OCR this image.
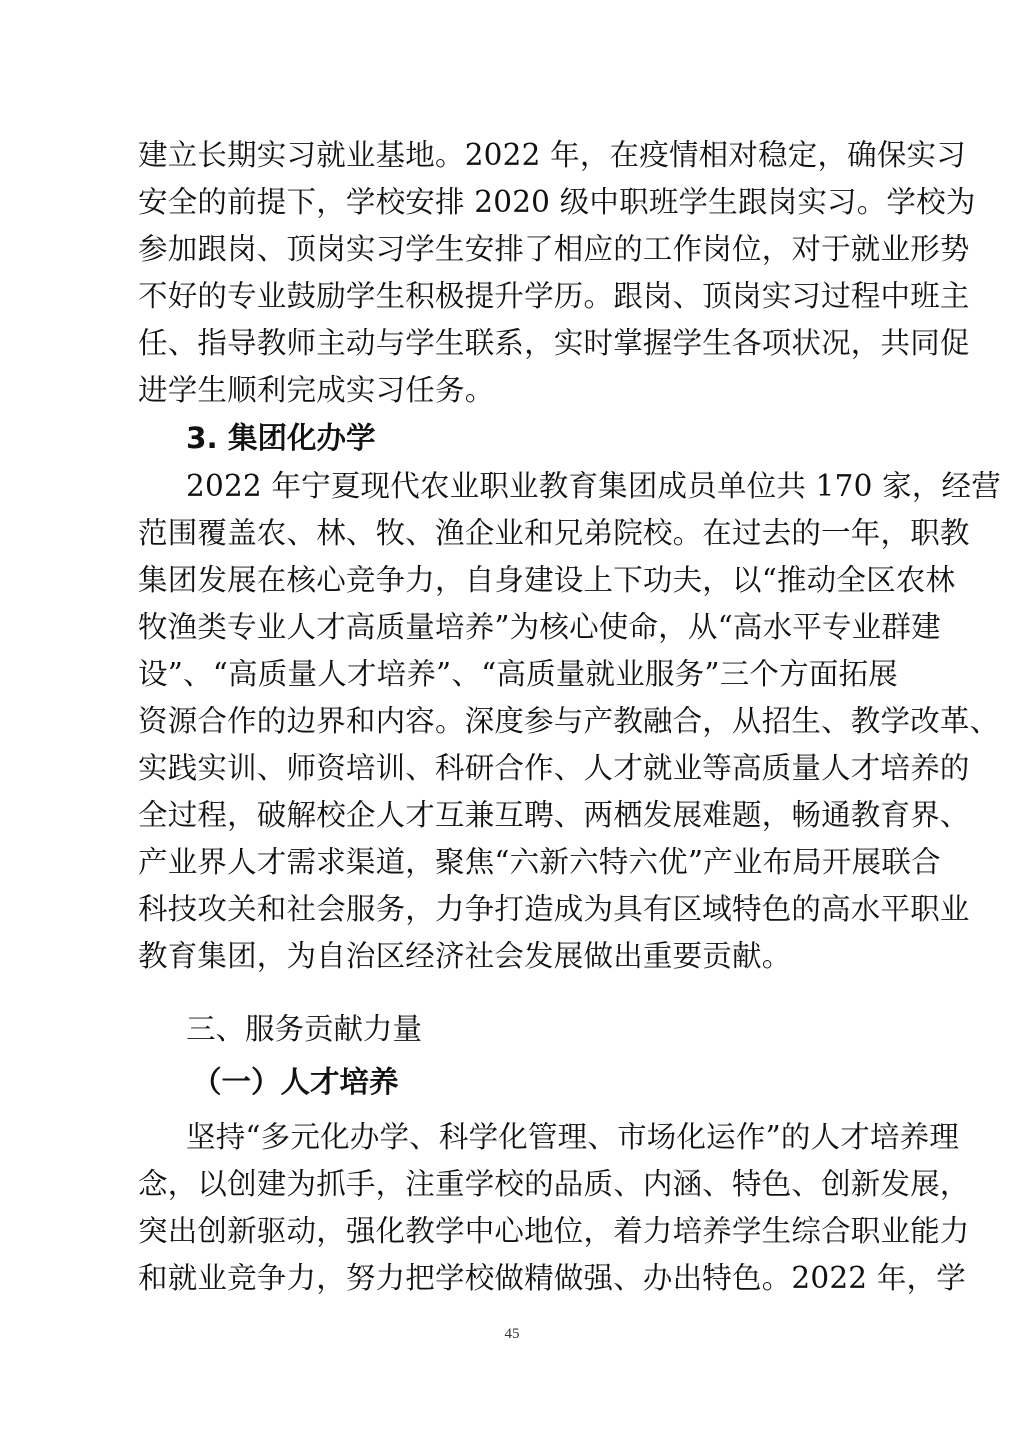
建立长期实习就业基地。2022 年，在疫情相对稳定，确保实习
安全的前提下，学校安排 2020 级中职班学生跟岗实习。学校为
参加跟岗、顶岗实习学生安排了相应的工作岗位，对于就业形势
不好的专业鼓励学生积极提升学历。跟岗、顶岗实习过程中班主
任、指导教师主动与学生联系，实时掌握学生各项状况，共同促
进学生顺利完成实习任务。
3. 集团化办学
2022 年宁夏现代农业职业教育集团成员单位共 170 家，经营
范围覆盖农、林、牧、渔企业和兄弟院校。在过去的一年，职教
集团发展在核心竞争力，自身建设上下功夫，以“推动全区农林
牧渔类专业人才高质量培养”为核心使命，从“高水平专业群建
设”、“高质量人才培养”、“高质量就业服务”三个方面拓展
资源合作的边界和内容。深度参与产教融合，从招生、教学改革、
实践实训、师资培训、科研合作、人才就业等高质量人才培养的
全过程，破解校企人才互兼互聘、两栖发展难题，畅通教育界、
产业界人才需求渠道，聚焦“六新六特六优”产业布局开展联合
科技攻关和社会服务，力争打造成为具有区域特色的高水平职业
教育集团，为自治区经济社会发展做出重要贡献。
三、服务贡献力量
（一）人才培养
坚持“多元化办学、科学化管理、市场化运作”的人才培养理
念，以创建为抓手，注重学校的品质、内涵、特色、创新发展，
突出创新驱动，强化教学中心地位，着力培养学生综合职业能力
和就业竞争力，努力把学校做精做强、办出特色。2022 年，学
45
